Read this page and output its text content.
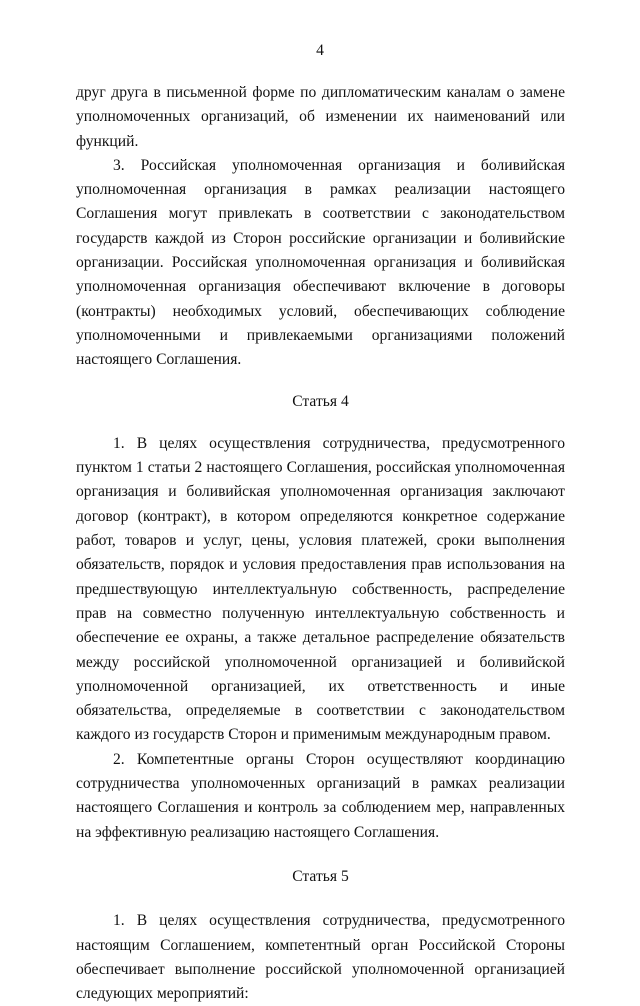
4

друг друга в письменной форме по дипломатическим каналам о замене уполномоченных организаций, об изменении их наименований или функций.

3. Российская уполномоченная организация и боливийская уполномоченная организация в рамках реализации настоящего Соглашения могут привлекать в соответствии с законодательством государств каждой из Сторон российские организации и боливийские организации. Российская уполномоченная организация и боливийская уполномоченная организация обеспечивают включение в договоры (контракты) необходимых условий, обеспечивающих соблюдение уполномоченными и привлекаемыми организациями положений настоящего Соглашения.

Статья 4

1. В целях осуществления сотрудничества, предусмотренного пунктом 1 статьи 2 настоящего Соглашения, российская уполномоченная организация и боливийская уполномоченная организация заключают договор (контракт), в котором определяются конкретное содержание работ, товаров и услуг, цены, условия платежей, сроки выполнения обязательств, порядок и условия предоставления прав использования на предшествующую интеллектуальную собственность, распределение прав на совместно полученную интеллектуальную собственность и обеспечение ее охраны, а также детальное распределение обязательств между российской уполномоченной организацией и боливийской уполномоченной организацией, их ответственность и иные обязательства, определяемые в соответствии с законодательством каждого из государств Сторон и применимым международным правом.

2. Компетентные органы Сторон осуществляют координацию сотрудничества уполномоченных организаций в рамках реализации настоящего Соглашения и контроль за соблюдением мер, направленных на эффективную реализацию настоящего Соглашения.

Статья 5

1. В целях осуществления сотрудничества, предусмотренного настоящим Соглашением, компетентный орган Российской Стороны обеспечивает выполнение российской уполномоченной организацией следующих мероприятий:
